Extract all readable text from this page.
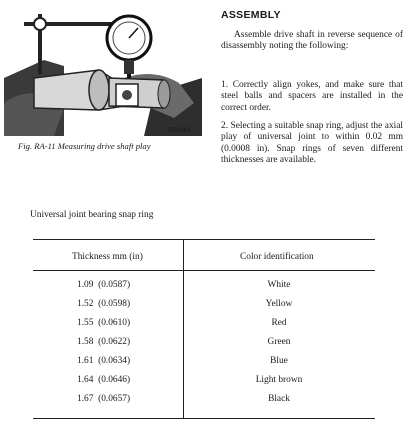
RA044
Fig. RA-11 Measuring drive shaft play
ASSEMBLY
Assemble drive shaft in reverse sequence of disassembly noting the following:
1. Correctly align yokes, and make sure that steel balls and spacers are installed in the correct order.
2. Selecting a suitable snap ring, adjust the axial play of universal joint to within 0.02 mm (0.0008 in). Snap rings of seven different thicknesses are available.
Universal joint bearing snap ring
Thickness mm (in)	Color identification
1.09  (0.0587)	White
1.52  (0.0598)	Yellow
1.55  (0.0610)	Red
1.58  (0.0622)	Green
1.61  (0.0634)	Blue
1.64  (0.0646)	Light brown
1.67  (0.0657)	Black
